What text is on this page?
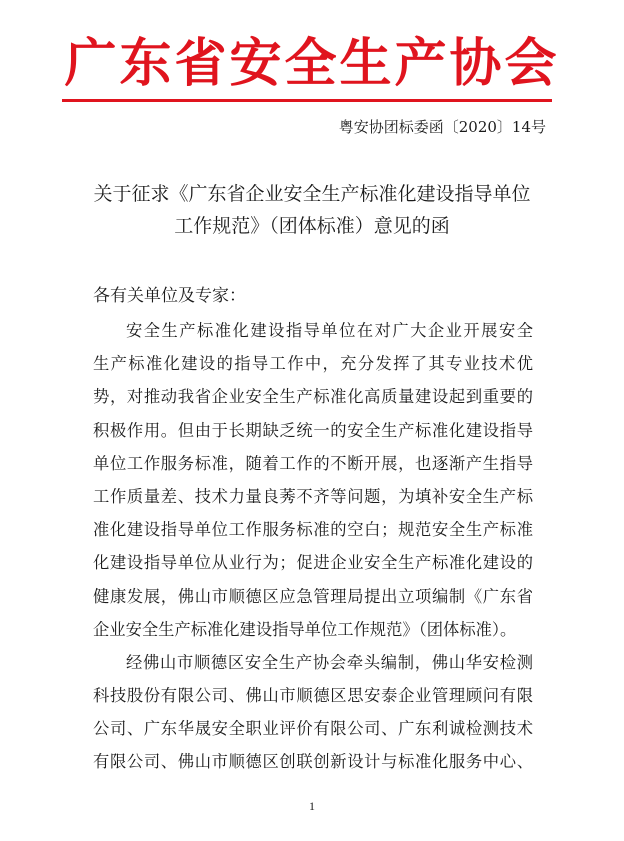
广东省安全生产协会
粤安协团标委函〔2020〕14号
关于征求《广东省企业安全生产标准化建设指导单位
工作规范》（团体标准）意见的函
各有关单位及专家：
安全生产标准化建设指导单位在对广大企业开展安全
生产标准化建设的指导工作中，充分发挥了其专业技术优
势，对推动我省企业安全生产标准化高质量建设起到重要的
积极作用。但由于长期缺乏统一的安全生产标准化建设指导
单位工作服务标准，随着工作的不断开展，也逐渐产生指导
工作质量差、技术力量良莠不齐等问题，为填补安全生产标
准化建设指导单位工作服务标准的空白；规范安全生产标准
化建设指导单位从业行为；促进企业安全生产标准化建设的
健康发展，佛山市顺德区应急管理局提出立项编制《广东省
企业安全生产标准化建设指导单位工作规范》（团体标准）。
经佛山市顺德区安全生产协会牵头编制，佛山华安检测
科技股份有限公司、佛山市顺德区思安泰企业管理顾问有限
公司、广东华晟安全职业评价有限公司、广东利诚检测技术
有限公司、佛山市顺德区创联创新设计与标准化服务中心、
1
